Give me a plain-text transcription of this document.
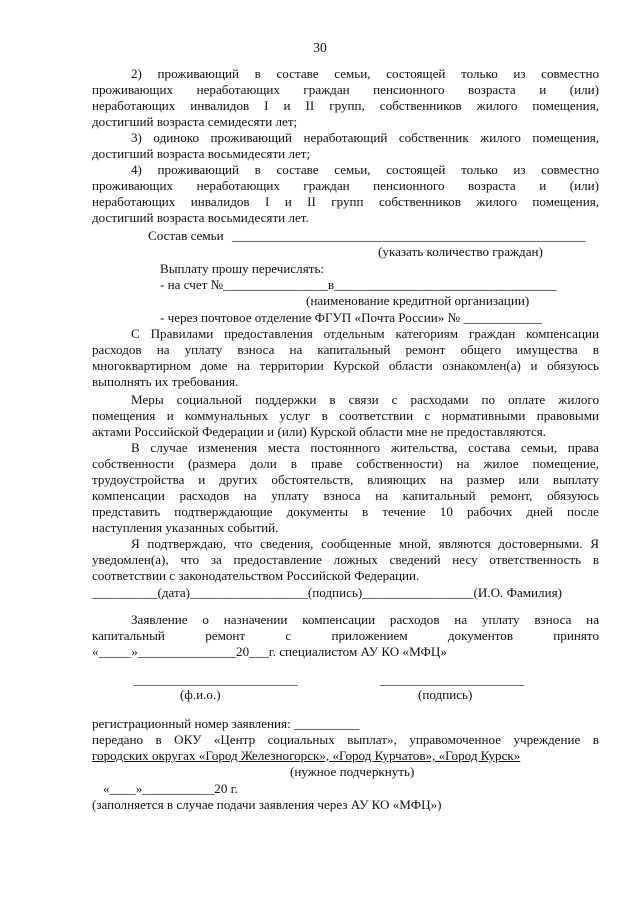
30
2) проживающий в составе семьи, состоящей только из совместно
проживающих неработающих граждан пенсионного возраста и (или)
неработающих инвалидов I и II групп, собственников жилого помещения,
достигший возраста семидесяти лет;
3) одиноко проживающий неработающий собственник жилого помещения,
достигший возраста восьмидесяти лет;
4) проживающий в составе семьи, состоящей только из совместно
проживающих неработающих граждан пенсионного возраста и (или)
неработающих инвалидов I и II групп собственников жилого помещения,
достигший возраста восьмидесяти лет.
Состав семьи ______________________________________________________
(указать количество граждан)
Выплату прошу перечислять:
- на счет №________________в__________________________________
(наименование кредитной организации)
- через почтовое отделение ФГУП «Почта России» № ____________
С Правилами предоставления отдельным категориям граждан компенсации
расходов на уплату взноса на капитальный ремонт общего имущества в
многоквартирном доме на территории Курской области ознакомлен(а) и обязуюсь
выполнять их требования.
Меры социальной поддержки в связи с расходами по оплате жилого
помещения и коммунальных услуг в соответствии с нормативными правовыми
актами Российской Федерации и (или) Курской области мне не предоставляются.
В случае изменения места постоянного жительства, состава семьи, права
собственности (размера доли в праве собственности) на жилое помещение,
трудоустройства и других обстоятельств, влияющих на размер или выплату
компенсации расходов на уплату взноса на капитальный ремонт, обязуюсь
представить подтверждающие документы в течение 10 рабочих дней после
наступления указанных событий.
Я подтверждаю, что сведения, сообщенные мной, являются достоверными. Я
уведомлен(а), что за предоставление ложных сведений несу ответственность в
соответствии с законодательством Российской Федерации.
__________(дата)__________________(подпись)_________________(И.О. Фамилия)
Заявление о назначении компенсации расходов на уплату взноса на
капитальный ремонт с приложением документов принято
«_____»_______________20___г. специалистом АУ КО «МФЦ»
_________________________
(ф.и.о.)
______________________
(подпись)
регистрационный номер заявления: __________
передано в ОКУ «Центр социальных выплат», управомоченное учреждение в
городских округах «Город Железногорск», «Город Курчатов», «Город Курск»
(нужное подчеркнуть)
«____»___________20 г.
(заполняется в случае подачи заявления через АУ КО «МФЦ»)
